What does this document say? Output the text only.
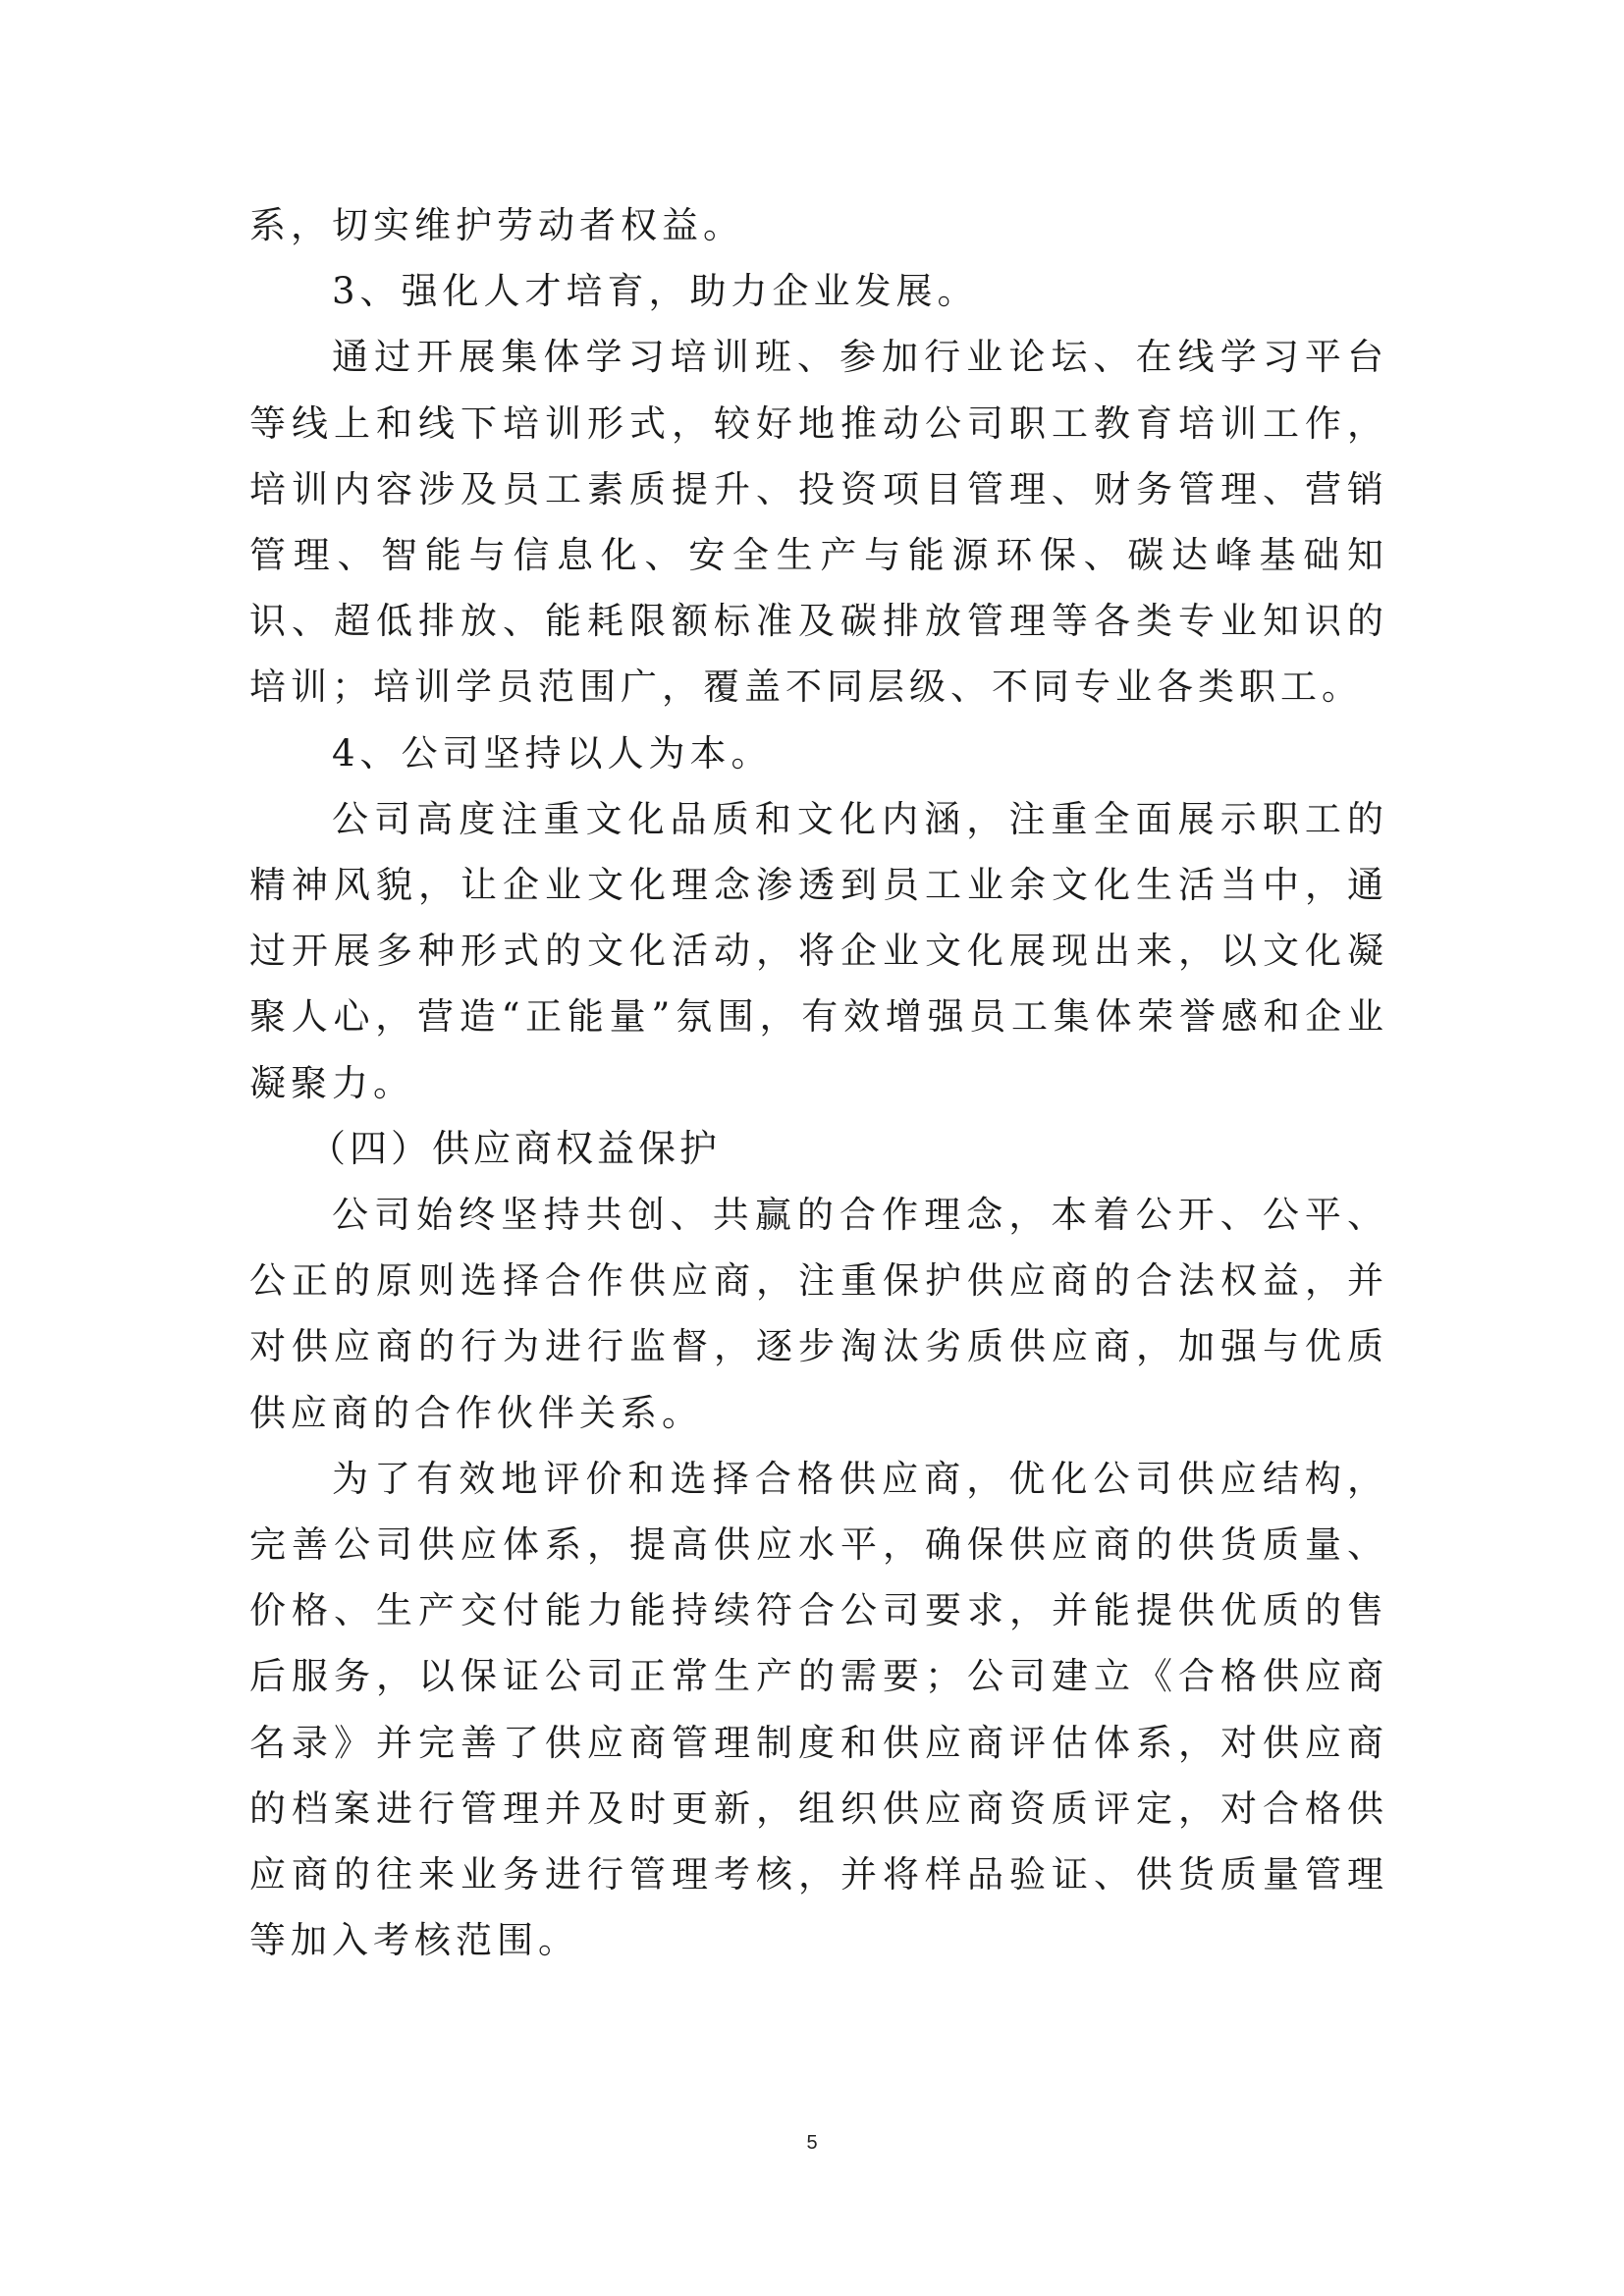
系，切实维护劳动者权益。

3、强化人才培育，助力企业发展。

通过开展集体学习培训班、参加行业论坛、在线学习平台等线上和线下培训形式，较好地推动公司职工教育培训工作，培训内容涉及员工素质提升、投资项目管理、财务管理、营销管理、智能与信息化、安全生产与能源环保、碳达峰基础知识、超低排放、能耗限额标准及碳排放管理等各类专业知识的培训；培训学员范围广，覆盖不同层级、不同专业各类职工。

4、公司坚持以人为本。

公司高度注重文化品质和文化内涵，注重全面展示职工的精神风貌，让企业文化理念渗透到员工业余文化生活当中，通过开展多种形式的文化活动，将企业文化展现出来，以文化凝聚人心，营造“正能量”氛围，有效增强员工集体荣誉感和企业凝聚力。

（四）供应商权益保护

公司始终坚持共创、共赢的合作理念，本着公开、公平、公正的原则选择合作供应商，注重保护供应商的合法权益，并对供应商的行为进行监督，逐步淘汰劣质供应商，加强与优质供应商的合作伙伴关系。

为了有效地评价和选择合格供应商，优化公司供应结构，完善公司供应体系，提高供应水平，确保供应商的供货质量、价格、生产交付能力能持续符合公司要求，并能提供优质的售后服务，以保证公司正常生产的需要；公司建立《合格供应商名录》并完善了供应商管理制度和供应商评估体系，对供应商的档案进行管理并及时更新，组织供应商资质评定，对合格供应商的往来业务进行管理考核，并将样品验证、供货质量管理等加入考核范围。

5
